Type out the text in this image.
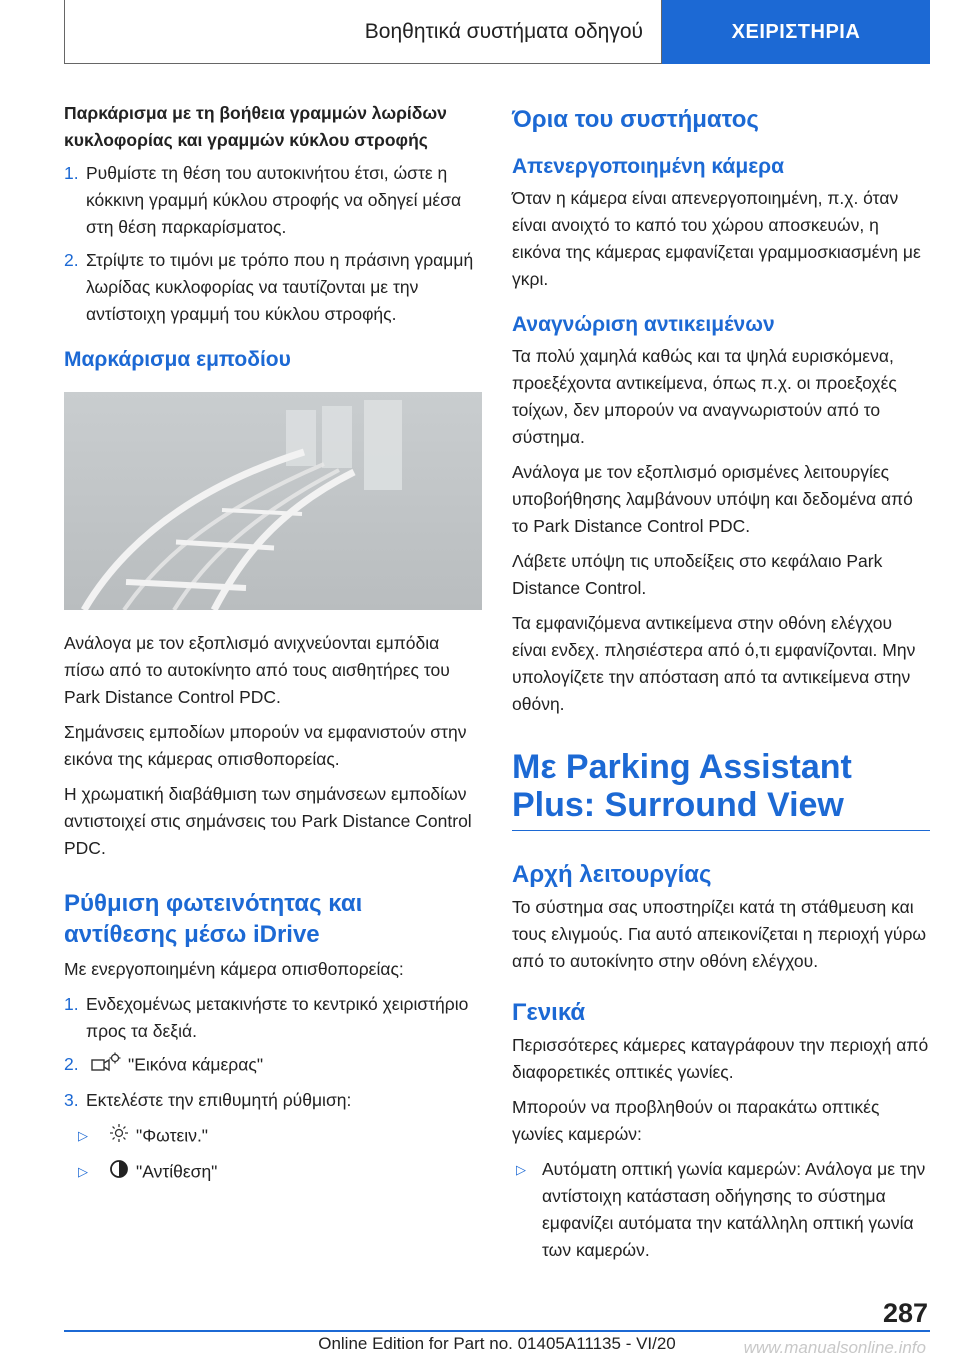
Βοηθητικά συστήματα οδηγού	ΧΕΙΡΙΣΤΗΡΙΑ
Παρκάρισμα με τη βοήθεια γραμμών λωρίδων κυκλοφορίας και γραμμών κύκλου στροφής
1. Ρυθμίστε τη θέση του αυτοκινήτου έτσι, ώστε η κόκκινη γραμμή κύκλου στροφής να οδηγεί μέσα στη θέση παρκαρίσματος.
2. Στρίψτε το τιμόνι με τρόπο που η πράσινη γραμμή λωρίδας κυκλοφορίας να ταυτίζονται με την αντίστοιχη γραμμή του κύκλου στροφής.
Μαρκάρισμα εμποδίου

Ανάλογα με τον εξοπλισμό ανιχνεύονται εμπόδια πίσω από το αυτοκίνητο από τους αισθητήρες του Park Distance Control PDC.

Σημάνσεις εμποδίων μπορούν να εμφανιστούν στην εικόνα της κάμερας οπισθοπορείας.

Η χρωματική διαβάθμιση των σημάνσεων εμποδίων αντιστοιχεί στις σημάνσεις του Park Distance Control PDC.

Ρύθμιση φωτεινότητας και αντίθεσης μέσω iDrive

Με ενεργοποιημένη κάμερα οπισθοπορείας:

1. Ενδεχομένως μετακινήστε το κεντρικό χειριστήριο προς τα δεξιά.
2.	"Εικόνα κάμερας"
3. Εκτελέστε την επιθυμητή ρύθμιση:
▷	"Φωτειν."
▷	"Αντίθεση"
Όρια του συστήματος
Απενεργοποιημένη κάμερα

Όταν η κάμερα είναι απενεργοποιημένη, π.χ. όταν είναι ανοιχτό το καπό του χώρου αποσκευών, η εικόνα της κάμερας εμφανίζεται γραμμοσκιασμένη με γκρι.

Αναγνώριση αντικειμένων

Τα πολύ χαμηλά καθώς και τα ψηλά ευρισκόμενα, προεξέχοντα αντικείμενα, όπως π.χ. οι προεξοχές τοίχων, δεν μπορούν να αναγνωριστούν από το σύστημα.

Ανάλογα με τον εξοπλισμό ορισμένες λειτουργίες υποβοήθησης λαμβάνουν υπόψη και δεδομένα από το Park Distance Control PDC.

Λάβετε υπόψη τις υποδείξεις στο κεφάλαιο Park Distance Control.

Τα εμφανιζόμενα αντικείμενα στην οθόνη ελέγχου είναι ενδεχ. πλησιέστερα από ό,τι εμφανίζονται. Μην υπολογίζετε την απόσταση από τα αντικείμενα στην οθόνη.

Με Parking Assistant Plus: Surround View
Αρχή λειτουργίας

Το σύστημα σας υποστηρίζει κατά τη στάθμευση και τους ελιγμούς. Για αυτό απεικονίζεται η περιοχή γύρω από το αυτοκίνητο στην οθόνη ελέγχου.

Γενικά

Περισσότερες κάμερες καταγράφουν την περιοχή από διαφορετικές οπτικές γωνίες.

Μπορούν να προβληθούν οι παρακάτω οπτικές γωνίες καμερών:

▷ Αυτόματη οπτική γωνία καμερών: Ανάλογα με την αντίστοιχη κατάσταση οδήγησης το σύστημα εμφανίζει αυτόματα την κατάλληλη οπτική γωνία των καμερών.
287
Online Edition for Part no. 01405A11135 - VI/20	www.manualsonline.info
